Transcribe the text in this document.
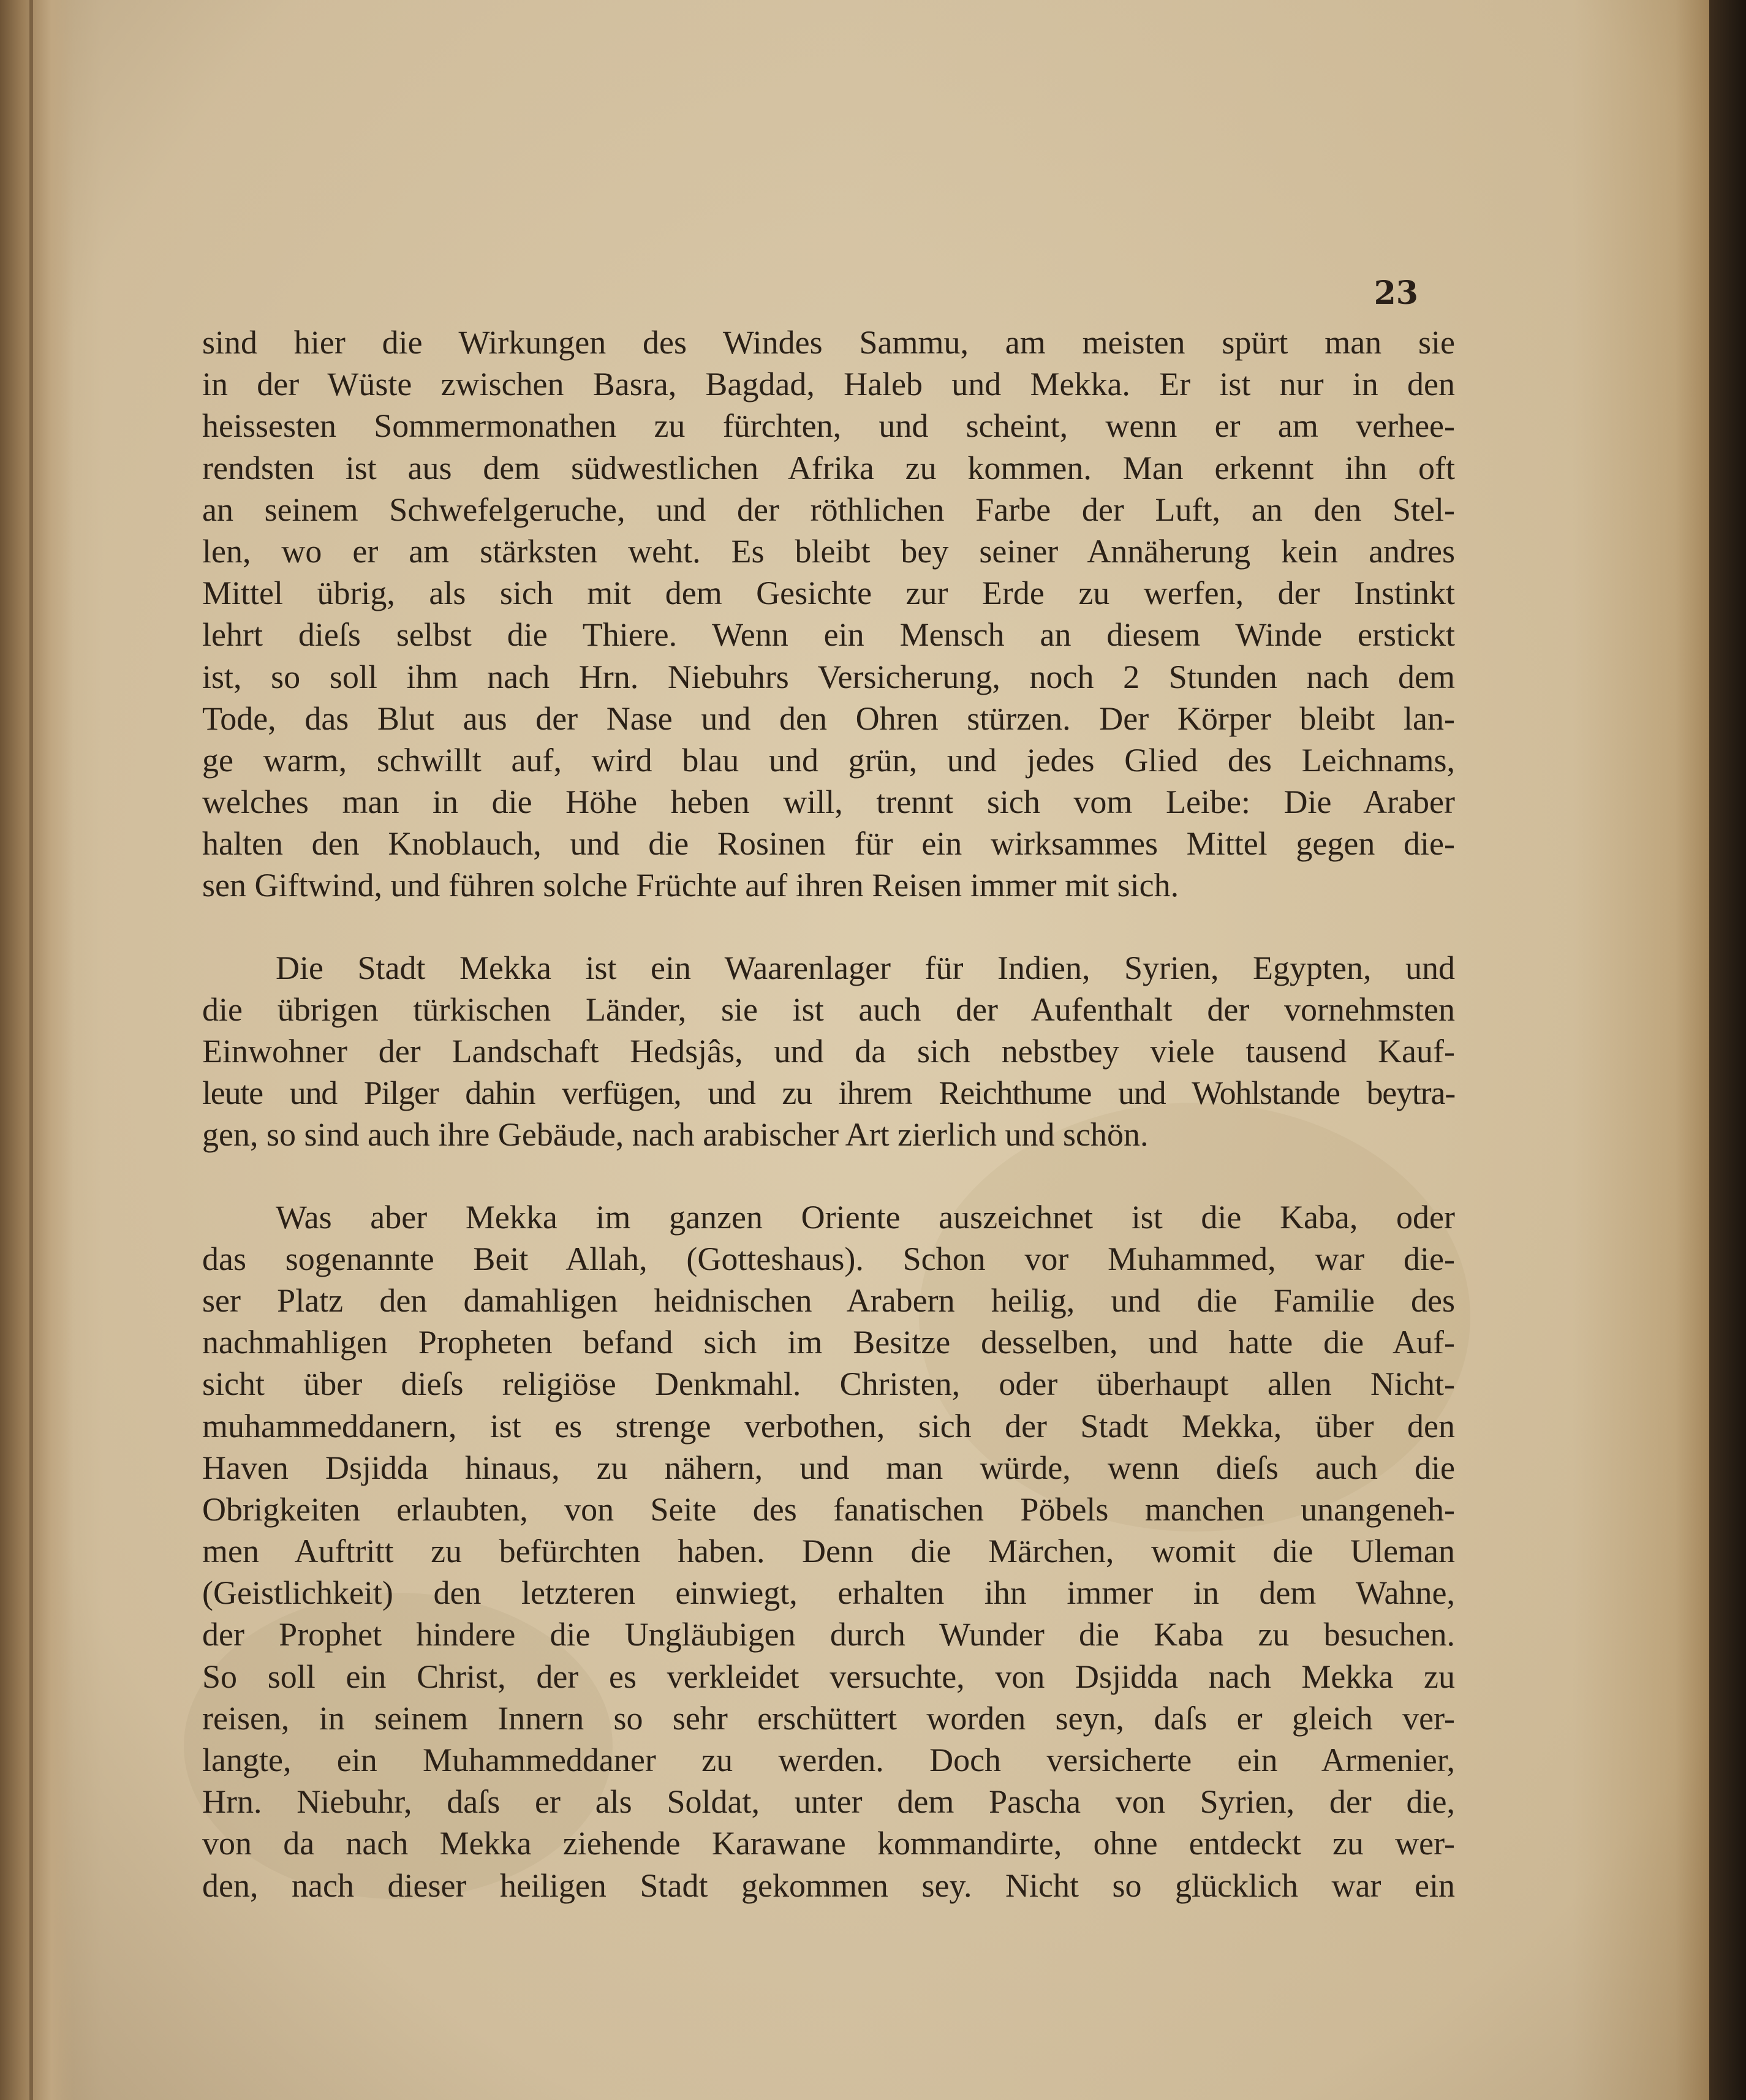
23
sind hier die Wirkungen des Windes Sammu, am meisten spürt man sie
in der Wüste zwischen Basra, Bagdad, Haleb und Mekka. Er ist nur in den
heissesten Sommermonathen zu fürchten, und scheint, wenn er am verhee-
rendsten ist aus dem südwestlichen Afrika zu kommen. Man erkennt ihn oft
an seinem Schwefelgeruche, und der röthlichen Farbe der Luft, an den Stel-
len, wo er am stärksten weht. Es bleibt bey seiner Annäherung kein andres
Mittel übrig, als sich mit dem Gesichte zur Erde zu werfen, der Instinkt
lehrt dieſs selbst die Thiere. Wenn ein Mensch an diesem Winde erstickt
ist, so soll ihm nach Hrn. Niebuhrs Versicherung, noch 2 Stunden nach dem
Tode, das Blut aus der Nase und den Ohren stürzen. Der Körper bleibt lan-
ge warm, schwillt auf, wird blau und grün, und jedes Glied des Leichnams,
welches man in die Höhe heben will, trennt sich vom Leibe: Die Araber
halten den Knoblauch, und die Rosinen für ein wirksammes Mittel gegen die-
sen Giftwind, und führen solche Früchte auf ihren Reisen immer mit sich.
Die Stadt Mekka ist ein Waarenlager für Indien, Syrien, Egypten, und
die übrigen türkischen Länder, sie ist auch der Aufenthalt der vornehmsten
Einwohner der Landschaft Hedsjâs, und da sich nebstbey viele tausend Kauf-
leute und Pilger dahin verfügen, und zu ihrem Reichthume und Wohlstande beytra-
gen, so sind auch ihre Gebäude, nach arabischer Art zierlich und schön.
Was aber Mekka im ganzen Oriente auszeichnet ist die Kaba, oder
das sogenannte Beit Allah, (Gotteshaus). Schon vor Muhammed, war die-
ser Platz den damahligen heidnischen Arabern heilig, und die Familie des
nachmahligen Propheten befand sich im Besitze desselben, und hatte die Auf-
sicht über dieſs religiöse Denkmahl. Christen, oder überhaupt allen Nicht-
muhammeddanern, ist es strenge verbothen, sich der Stadt Mekka, über den
Haven Dsjidda hinaus, zu nähern, und man würde, wenn dieſs auch die
Obrigkeiten erlaubten, von Seite des fanatischen Pöbels manchen unangeneh-
men Auftritt zu befürchten haben. Denn die Märchen, womit die Uleman
(Geistlichkeit) den letzteren einwiegt, erhalten ihn immer in dem Wahne,
der Prophet hindere die Ungläubigen durch Wunder die Kaba zu besuchen.
So soll ein Christ, der es verkleidet versuchte, von Dsjidda nach Mekka zu
reisen, in seinem Innern so sehr erschüttert worden seyn, daſs er gleich ver-
langte, ein Muhammeddaner zu werden. Doch versicherte ein Armenier,
Hrn. Niebuhr, daſs er als Soldat, unter dem Pascha von Syrien, der die,
von da nach Mekka ziehende Karawane kommandirte, ohne entdeckt zu wer-
den, nach dieser heiligen Stadt gekommen sey. Nicht so glücklich war ein
